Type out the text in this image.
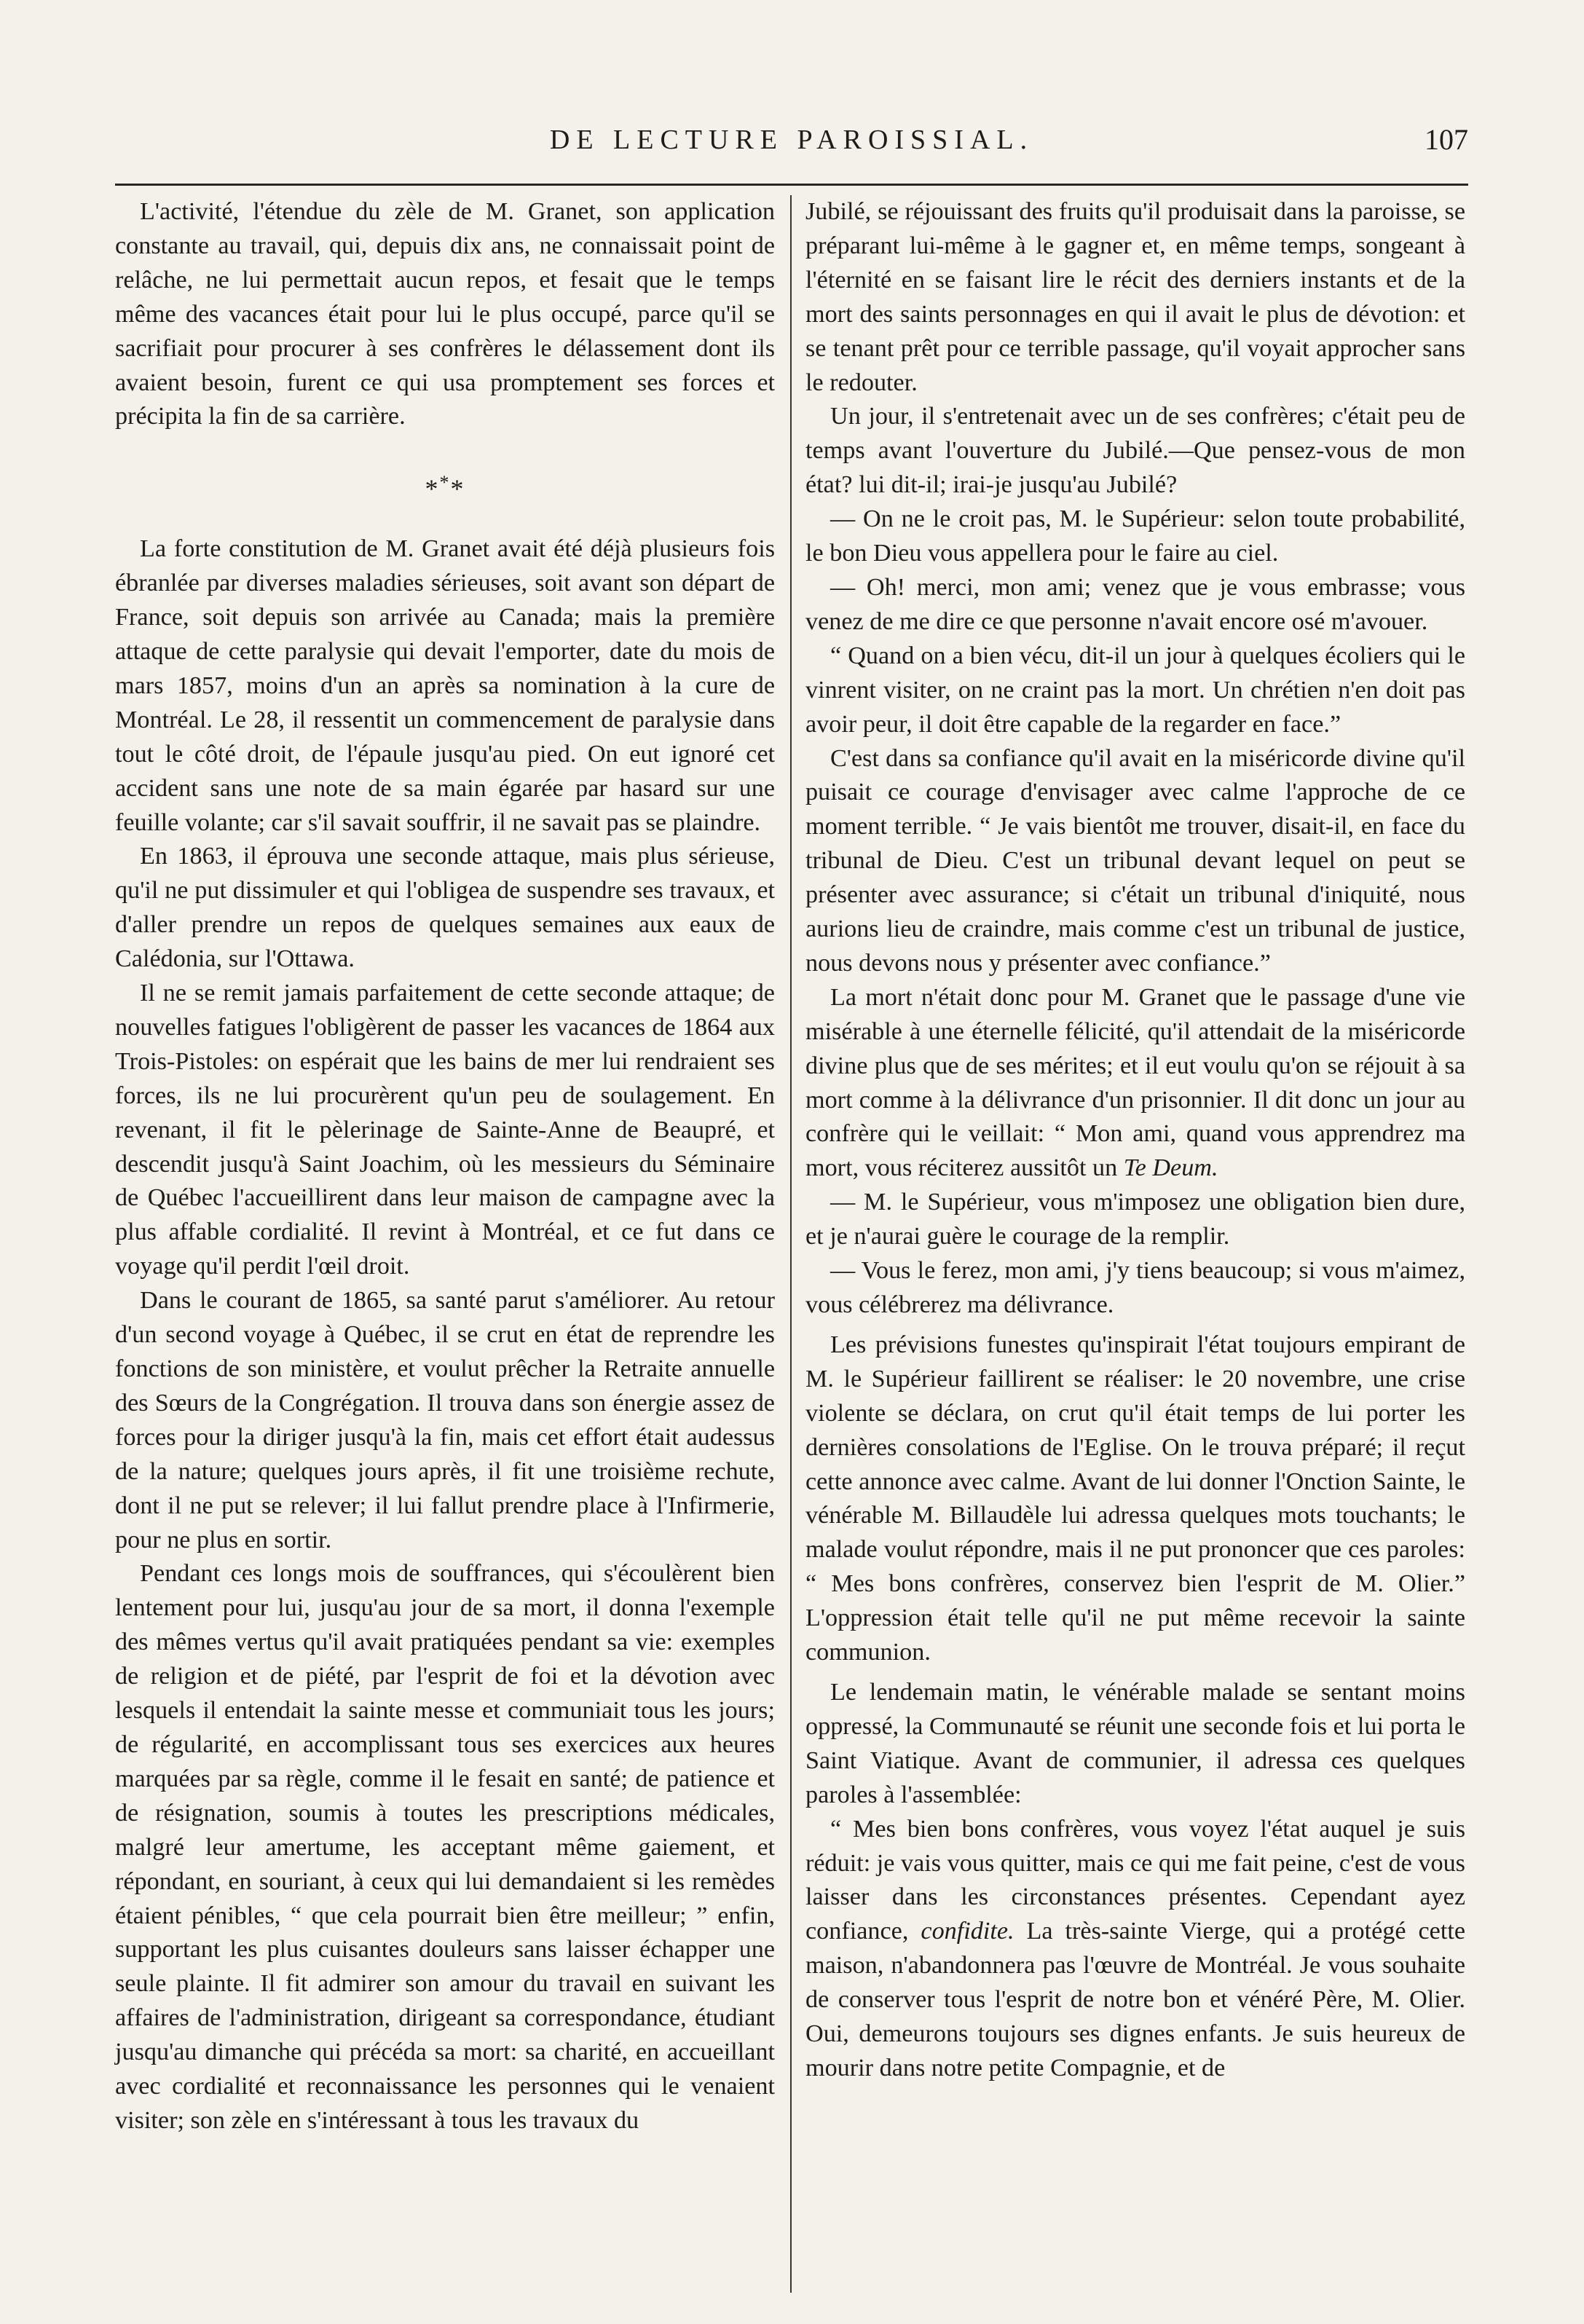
DE LECTURE PAROISSIAL.	107

L'activité, l'étendue du zèle de M. Granet, son application constante au travail, qui, depuis dix ans, ne connaissait point de relâche, ne lui permettait aucun repos, et fesait que le temps même des vacances était pour lui le plus occupé, parce qu'il se sacrifiait pour procurer à ses confrères le délassement dont ils avaient besoin, furent ce qui usa promptement ses forces et précipita la fin de sa carrière.

***

La forte constitution de M. Granet avait été déjà plusieurs fois ébranlée par diverses maladies sérieuses, soit avant son départ de France, soit depuis son arrivée au Canada; mais la première attaque de cette paralysie qui devait l'emporter, date du mois de mars 1857, moins d'un an après sa nomination à la cure de Montréal. Le 28, il ressentit un commencement de paralysie dans tout le côté droit, de l'épaule jusqu'au pied. On eut ignoré cet accident sans une note de sa main égarée par hasard sur une feuille volante; car s'il savait souffrir, il ne savait pas se plaindre.

En 1863, il éprouva une seconde attaque, mais plus sérieuse, qu'il ne put dissimuler et qui l'obligea de suspendre ses travaux, et d'aller prendre un repos de quelques semaines aux eaux de Calédonia, sur l'Ottawa.

Il ne se remit jamais parfaitement de cette seconde attaque; de nouvelles fatigues l'obligèrent de passer les vacances de 1864 aux Trois-Pistoles: on espérait que les bains de mer lui rendraient ses forces, ils ne lui procurèrent qu'un peu de soulagement. En revenant, il fit le pèlerinage de Sainte-Anne de Beaupré, et descendit jusqu'à Saint Joachim, où les messieurs du Séminaire de Québec l'accueillirent dans leur maison de campagne avec la plus affable cordialité. Il revint à Montréal, et ce fut dans ce voyage qu'il perdit l'œil droit.

Dans le courant de 1865, sa santé parut s'améliorer. Au retour d'un second voyage à Québec, il se crut en état de reprendre les fonctions de son ministère, et voulut prêcher la Retraite annuelle des Sœurs de la Congrégation. Il trouva dans son énergie assez de forces pour la diriger jusqu'à la fin, mais cet effort était audessus de la nature; quelques jours après, il fit une troisième rechute, dont il ne put se relever; il lui fallut prendre place à l'Infirmerie, pour ne plus en sortir.

Pendant ces longs mois de souffrances, qui s'écoulèrent bien lentement pour lui, jusqu'au jour de sa mort, il donna l'exemple des mêmes vertus qu'il avait pratiquées pendant sa vie: exemples de religion et de piété, par l'esprit de foi et la dévotion avec lesquels il entendait la sainte messe et communiait tous les jours; de régularité, en accomplissant tous ses exercices aux heures marquées par sa règle, comme il le fesait en santé; de patience et de résignation, soumis à toutes les prescriptions médicales, malgré leur amertume, les acceptant même gaiement, et répondant, en souriant, à ceux qui lui demandaient si les remèdes étaient pénibles, “ que cela pourrait bien être meilleur; ” enfin, supportant les plus cuisantes douleurs sans laisser échapper une seule plainte. Il fit admirer son amour du travail en suivant les affaires de l'administration, dirigeant sa correspondance, étudiant jusqu'au dimanche qui précéda sa mort: sa charité, en accueillant avec cordialité et reconnaissance les personnes qui le venaient visiter; son zèle en s'intéressant à tous les travaux du

Jubilé, se réjouissant des fruits qu'il produisait dans la paroisse, se préparant lui-même à le gagner et, en même temps, songeant à l'éternité en se faisant lire le récit des derniers instants et de la mort des saints personnages en qui il avait le plus de dévotion: et se tenant prêt pour ce terrible passage, qu'il voyait approcher sans le redouter.

Un jour, il s'entretenait avec un de ses confrères; c'était peu de temps avant l'ouverture du Jubilé.—Que pensez-vous de mon état? lui dit-il; irai-je jusqu'au Jubilé?

— On ne le croit pas, M. le Supérieur: selon toute probabilité, le bon Dieu vous appellera pour le faire au ciel.

— Oh! merci, mon ami; venez que je vous embrasse; vous venez de me dire ce que personne n'avait encore osé m'avouer.

“ Quand on a bien vécu, dit-il un jour à quelques écoliers qui le vinrent visiter, on ne craint pas la mort. Un chrétien n'en doit pas avoir peur, il doit être capable de la regarder en face.”

C'est dans sa confiance qu'il avait en la miséricorde divine qu'il puisait ce courage d'envisager avec calme l'approche de ce moment terrible. “ Je vais bientôt me trouver, disait-il, en face du tribunal de Dieu. C'est un tribunal devant lequel on peut se présenter avec assurance; si c'était un tribunal d'iniquité, nous aurions lieu de craindre, mais comme c'est un tribunal de justice, nous devons nous y présenter avec confiance.”

La mort n'était donc pour M. Granet que le passage d'une vie misérable à une éternelle félicité, qu'il attendait de la miséricorde divine plus que de ses mérites; et il eut voulu qu'on se réjouit à sa mort comme à la délivrance d'un prisonnier. Il dit donc un jour au confrère qui le veillait: “ Mon ami, quand vous apprendrez ma mort, vous réciterez aussitôt un Te Deum.

— M. le Supérieur, vous m'imposez une obligation bien dure, et je n'aurai guère le courage de la remplir.

— Vous le ferez, mon ami, j'y tiens beaucoup; si vous m'aimez, vous célébrerez ma délivrance.

Les prévisions funestes qu'inspirait l'état toujours empirant de M. le Supérieur faillirent se réaliser: le 20 novembre, une crise violente se déclara, on crut qu'il était temps de lui porter les dernières consolations de l'Eglise. On le trouva préparé; il reçut cette annonce avec calme. Avant de lui donner l'Onction Sainte, le vénérable M. Billaudèle lui adressa quelques mots touchants; le malade voulut répondre, mais il ne put prononcer que ces paroles: “ Mes bons confrères, conservez bien l'esprit de M. Olier.” L'oppression était telle qu'il ne put même recevoir la sainte communion.

Le lendemain matin, le vénérable malade se sentant moins oppressé, la Communauté se réunit une seconde fois et lui porta le Saint Viatique. Avant de communier, il adressa ces quelques paroles à l'assemblée:

“ Mes bien bons confrères, vous voyez l'état auquel je suis réduit: je vais vous quitter, mais ce qui me fait peine, c'est de vous laisser dans les circonstances présentes. Cependant ayez confiance, confidite. La très-sainte Vierge, qui a protégé cette maison, n'abandonnera pas l'œuvre de Montréal. Je vous souhaite de conserver tous l'esprit de notre bon et vénéré Père, M. Olier. Oui, demeurons toujours ses dignes enfants. Je suis heureux de mourir dans notre petite Compagnie, et de
